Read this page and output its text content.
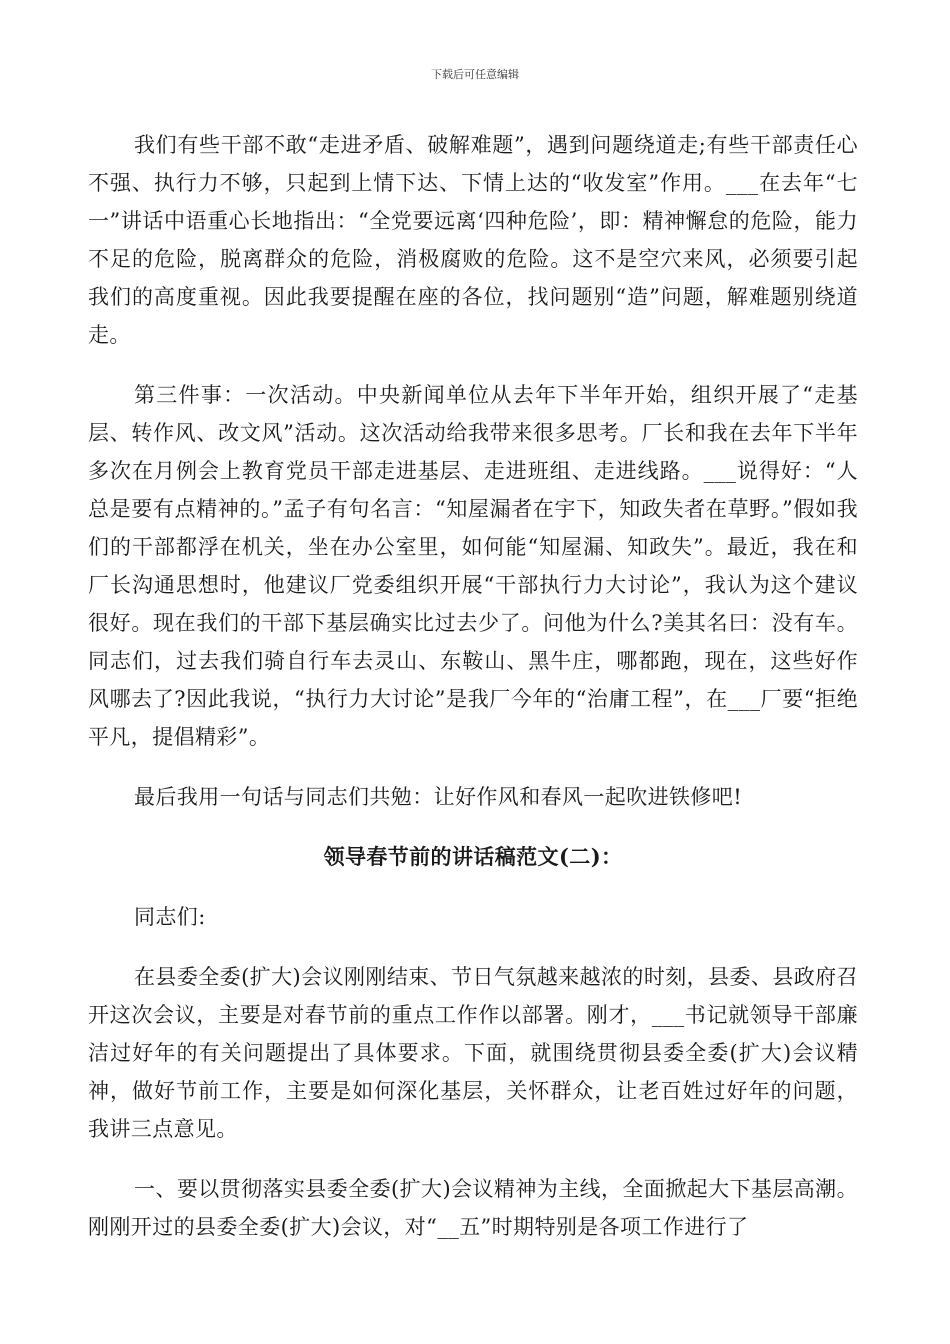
下载后可任意编辑

我们有些干部不敢“走进矛盾、破解难题”，遇到问题绕道走;有些干部责任心不强、执行力不够，只起到上情下达、下情上达的“收发室”作用。___在去年“七一”讲话中语重心长地指出：“全党要远离‘四种危险’，即：精神懈怠的危险，能力不足的危险，脱离群众的危险，消极腐败的危险。这不是空穴来风，必须要引起我们的高度重视。因此我要提醒在座的各位，找问题别“造”问题，解难题别绕道走。

第三件事：一次活动。中央新闻单位从去年下半年开始，组织开展了“走基层、转作风、改文风”活动。这次活动给我带来很多思考。厂长和我在去年下半年多次在月例会上教育党员干部走进基层、走进班组、走进线路。___说得好：“人总是要有点精神的。”孟子有句名言：“知屋漏者在宇下，知政失者在草野。”假如我们的干部都浮在机关，坐在办公室里，如何能“知屋漏、知政失”。最近，我在和厂长沟通思想时，他建议厂党委组织开展“干部执行力大讨论”，我认为这个建议很好。现在我们的干部下基层确实比过去少了。问他为什么?美其名曰：没有车。同志们，过去我们骑自行车去灵山、东鞍山、黑牛庄，哪都跑，现在，这些好作风哪去了?因此我说，“执行力大讨论”是我厂今年的“治庸工程”，在___厂要“拒绝平凡，提倡精彩”。

最后我用一句话与同志们共勉：让好作风和春风一起吹进铁修吧!

领导春节前的讲话稿范文(二)：

同志们:

在县委全委(扩大)会议刚刚结束、节日气氛越来越浓的时刻，县委、县政府召开这次会议，主要是对春节前的重点工作作以部署。刚才，___书记就领导干部廉洁过好年的有关问题提出了具体要求。下面，就围绕贯彻县委全委(扩大)会议精神，做好节前工作，主要是如何深化基层，关怀群众，让老百姓过好年的问题，我讲三点意见。

一、要以贯彻落实县委全委(扩大)会议精神为主线，全面掀起大下基层高潮。刚刚开过的县委全委(扩大)会议，对“__五”时期特别是各项工作进行了
